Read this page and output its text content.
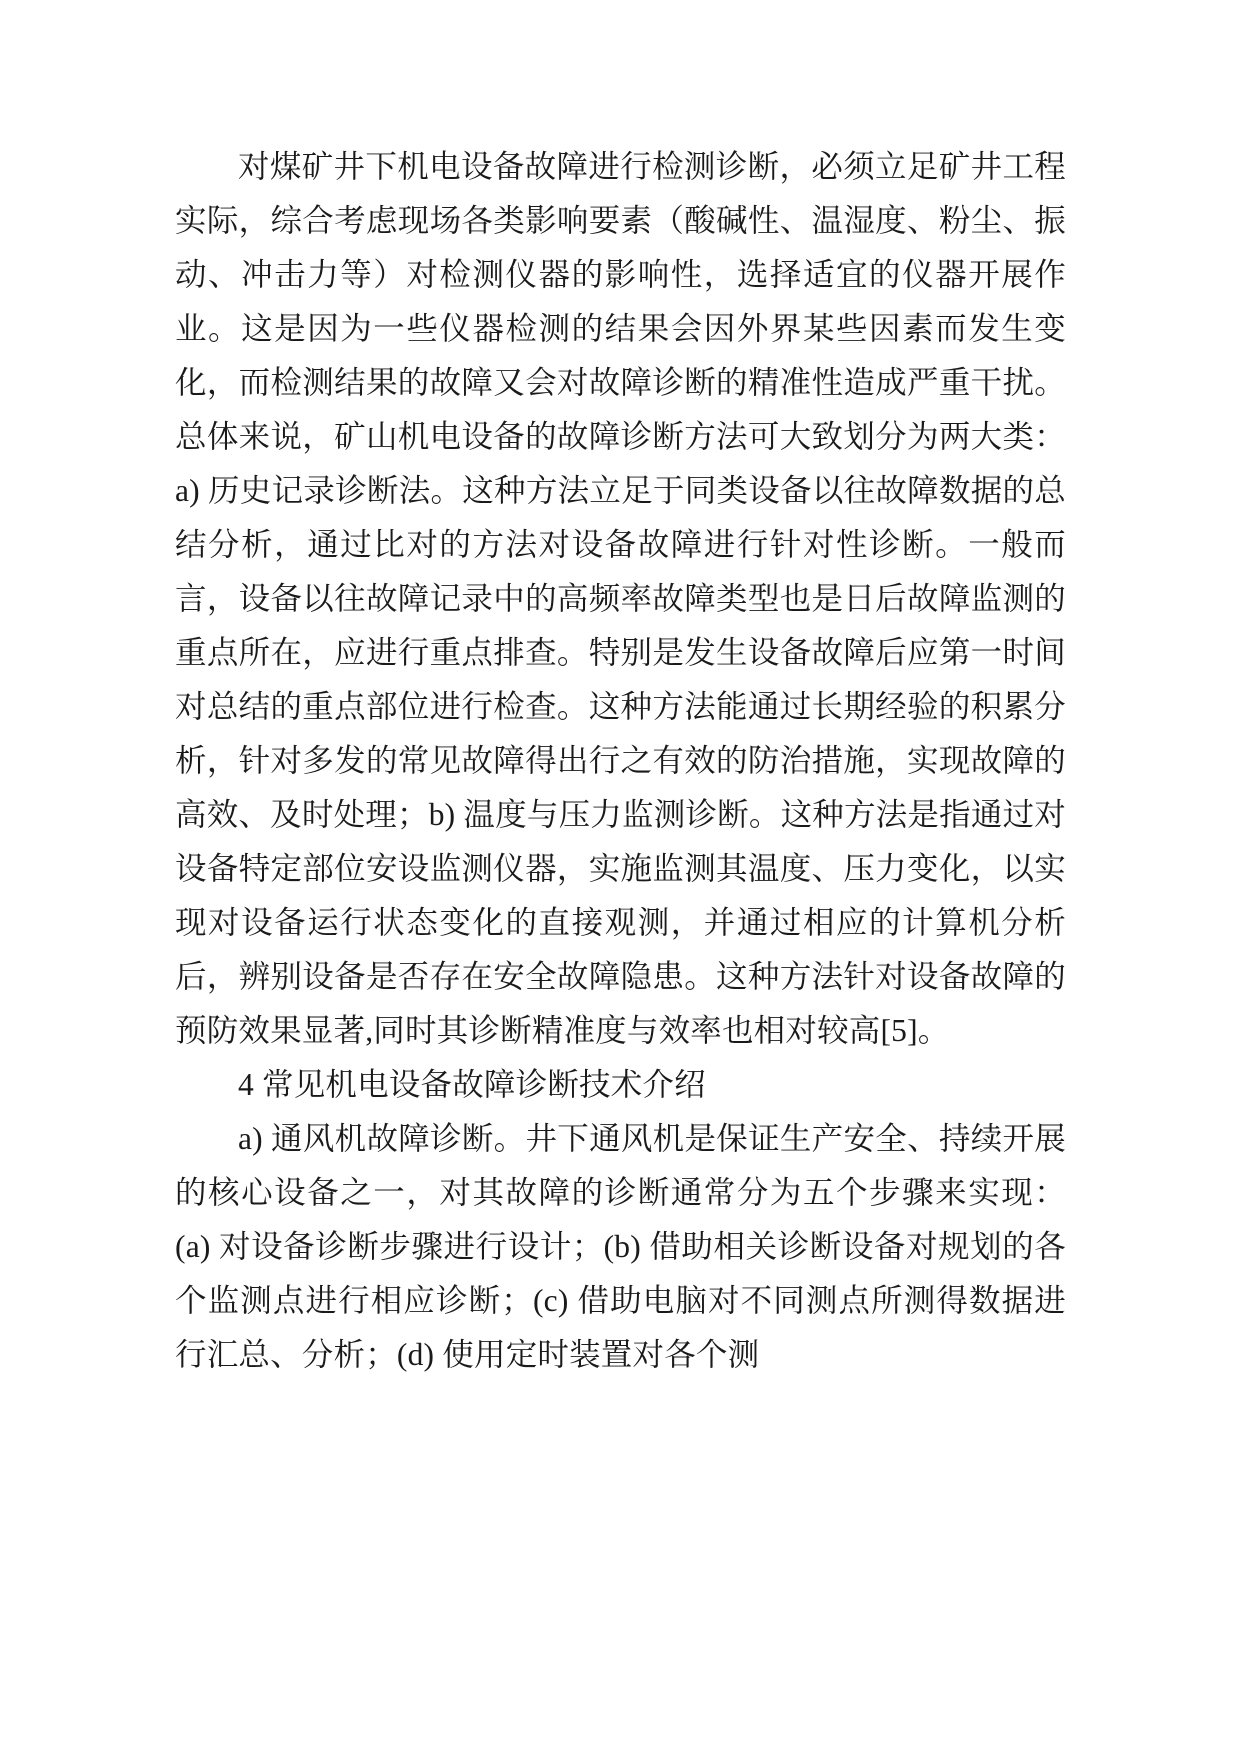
对煤矿井下机电设备故障进行检测诊断，必须立足矿井工程实际，综合考虑现场各类影响要素（酸碱性、温湿度、粉尘、振动、冲击力等）对检测仪器的影响性，选择适宜的仪器开展作业。这是因为一些仪器检测的结果会因外界某些因素而发生变化，而检测结果的故障又会对故障诊断的精准性造成严重干扰。总体来说，矿山机电设备的故障诊断方法可大致划分为两大类：a) 历史记录诊断法。这种方法立足于同类设备以往故障数据的总结分析，通过比对的方法对设备故障进行针对性诊断。一般而言，设备以往故障记录中的高频率故障类型也是日后故障监测的重点所在，应进行重点排查。特别是发生设备故障后应第一时间对总结的重点部位进行检查。这种方法能通过长期经验的积累分析，针对多发的常见故障得出行之有效的防治措施，实现故障的高效、及时处理；b) 温度与压力监测诊断。这种方法是指通过对设备特定部位安设监测仪器，实施监测其温度、压力变化，以实现对设备运行状态变化的直接观测，并通过相应的计算机分析后，辨别设备是否存在安全故障隐患。这种方法针对设备故障的预防效果显著,同时其诊断精准度与效率也相对较高[5]。

4 常见机电设备故障诊断技术介绍

a) 通风机故障诊断。井下通风机是保证生产安全、持续开展的核心设备之一，对其故障的诊断通常分为五个步骤来实现：(a) 对设备诊断步骤进行设计；(b) 借助相关诊断设备对规划的各个监测点进行相应诊断；(c) 借助电脑对不同测点所测得数据进行汇总、分析；(d) 使用定时装置对各个测
